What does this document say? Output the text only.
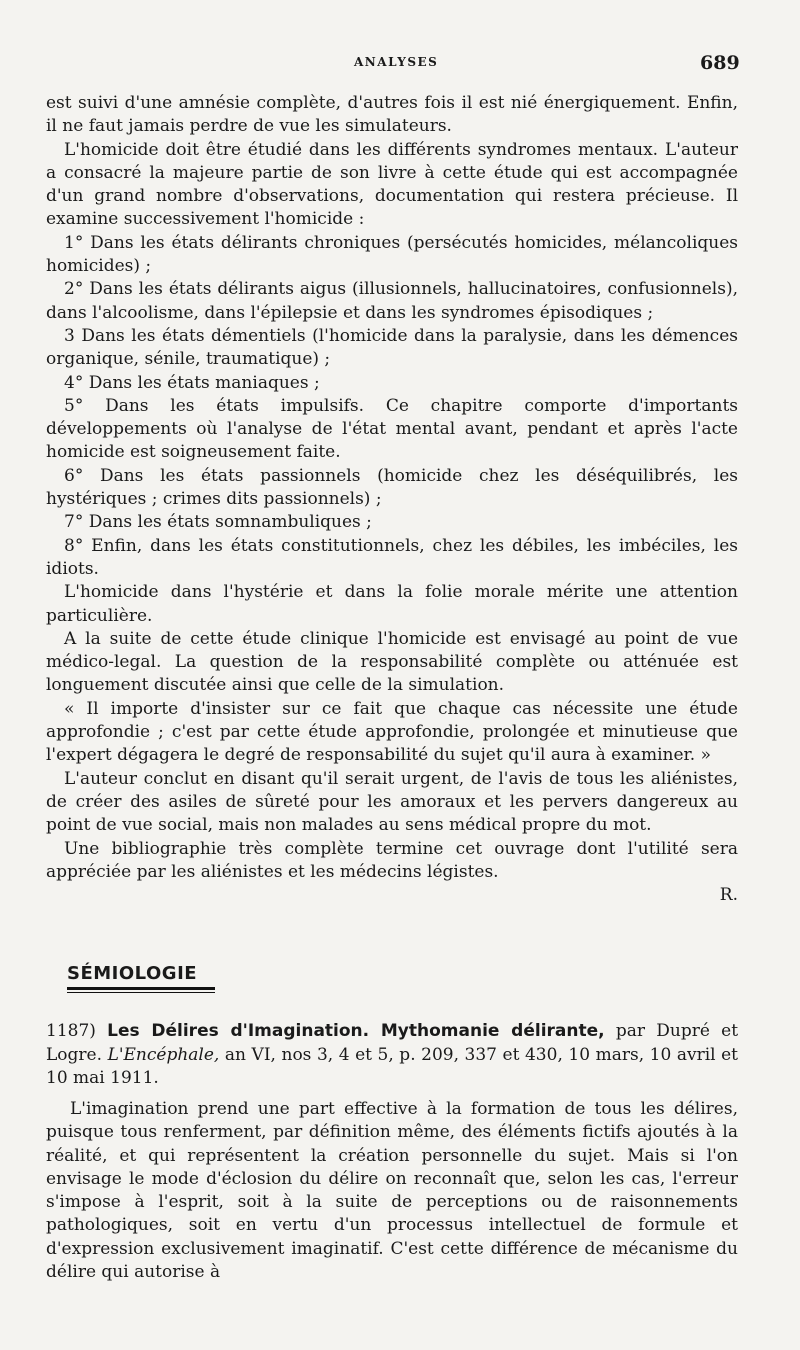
ANALYSES	689

est suivi d'une amnésie complète, d'autres fois il est nié énergiquement. Enfin, il ne faut jamais perdre de vue les simulateurs.

L'homicide doit être étudié dans les différents syndromes mentaux. L'auteur a consacré la majeure partie de son livre à cette étude qui est accompagnée d'un grand nombre d'observations, documentation qui restera précieuse. Il examine successivement l'homicide :

1° Dans les états délirants chroniques (persécutés homicides, mélancoliques homicides) ;

2° Dans les états délirants aigus (illusionnels, hallucinatoires, confusionnels), dans l'alcoolisme, dans l'épilepsie et dans les syndromes épisodiques ;

3 Dans les états démentiels (l'homicide dans la paralysie, dans les démences organique, sénile, traumatique) ;

4° Dans les états maniaques ;

5° Dans les états impulsifs. Ce chapitre comporte d'importants développements où l'analyse de l'état mental avant, pendant et après l'acte homicide est soigneusement faite.

6° Dans les états passionnels (homicide chez les déséquilibrés, les hystériques ; crimes dits passionnels) ;

7° Dans les états somnambuliques ;

8° Enfin, dans les états constitutionnels, chez les débiles, les imbéciles, les idiots.

L'homicide dans l'hystérie et dans la folie morale mérite une attention particulière.

A la suite de cette étude clinique l'homicide est envisagé au point de vue médico-legal. La question de la responsabilité complète ou atténuée est longuement discutée ainsi que celle de la simulation.

« Il importe d'insister sur ce fait que chaque cas nécessite une étude approfondie ; c'est par cette étude approfondie, prolongée et minutieuse que l'expert dégagera le degré de responsabilité du sujet qu'il aura à examiner. »

L'auteur conclut en disant qu'il serait urgent, de l'avis de tous les aliénistes, de créer des asiles de sûreté pour les amoraux et les pervers dangereux au point de vue social, mais non malades au sens médical propre du mot.

Une bibliographie très complète termine cet ouvrage dont l'utilité sera appréciée par les aliénistes et les médecins légistes.

R.

SÉMIOLOGIE
1187) Les Délires d'Imagination. Mythomanie délirante, par Dupré et Logre. L'Encéphale, an VI, nos 3, 4 et 5, p. 209, 337 et 430, 10 mars, 10 avril et 10 mai 1911.

L'imagination prend une part effective à la formation de tous les délires, puisque tous renferment, par définition même, des éléments fictifs ajoutés à la réalité, et qui représentent la création personnelle du sujet. Mais si l'on envisage le mode d'éclosion du délire on reconnaît que, selon les cas, l'erreur s'impose à l'esprit, soit à la suite de perceptions ou de raisonnements pathologiques, soit en vertu d'un processus intellectuel de formule et d'expression exclusivement imaginatif. C'est cette différence de mécanisme du délire qui autorise à
